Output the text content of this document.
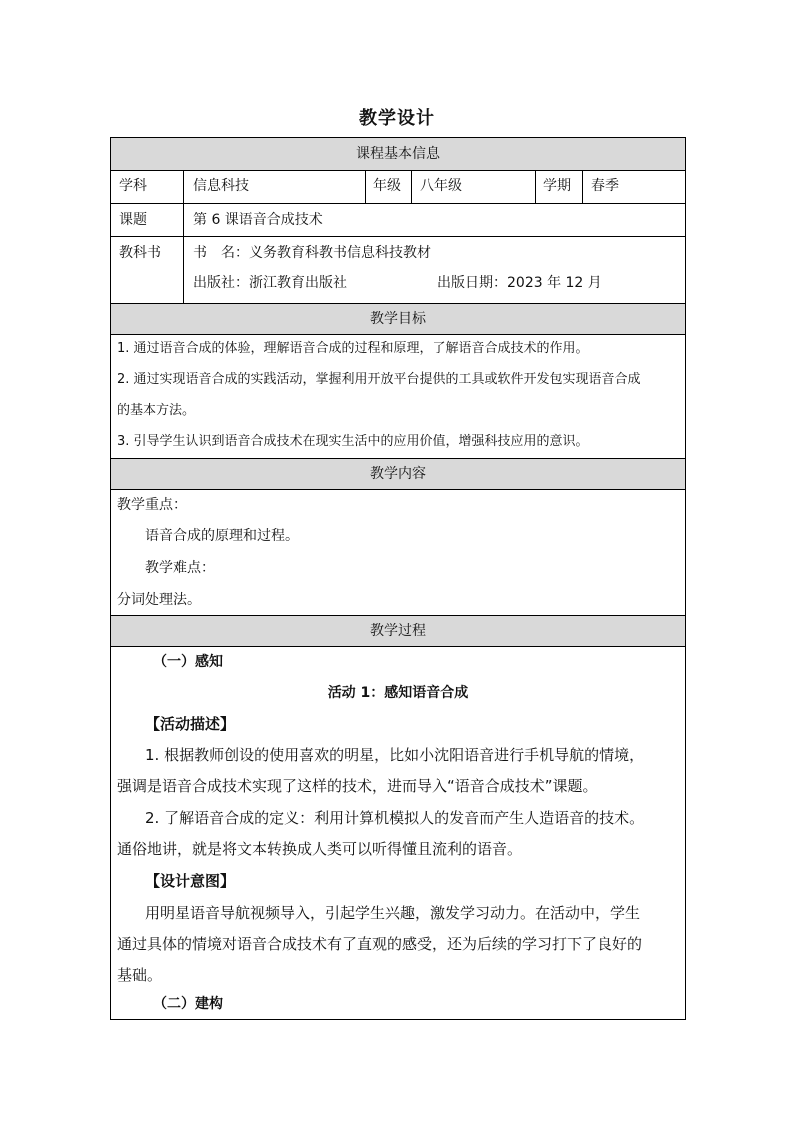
教学设计
课程基本信息
学科	信息科技	年级 八年级	学期 春季
课题	第 6 课语音合成技术
教科书 书　名：义务教育科教书信息科技教材
出版社：浙江教育出版社	出版日期：2023 年 12 月
教学目标
1. 通过语音合成的体验，理解语音合成的过程和原理，了解语音合成技术的作用。
2. 通过实现语音合成的实践活动，掌握利用开放平台提供的工具或软件开发包实现语音合成
的基本方法。
3. 引导学生认识到语音合成技术在现实生活中的应用价值，增强科技应用的意识。
教学内容
教学重点：
语音合成的原理和过程。
教学难点：
分词处理法。
教学过程
（一）感知
活动 1：感知语音合成
【活动描述】
1. 根据教师创设的使用喜欢的明星，比如小沈阳语音进行手机导航的情境，
强调是语音合成技术实现了这样的技术，进而导入“语音合成技术”课题。
2. 了解语音合成的定义：利用计算机模拟人的发音而产生人造语音的技术。
通俗地讲，就是将文本转换成人类可以听得懂且流利的语音。
【设计意图】
用明星语音导航视频导入，引起学生兴趣，激发学习动力。在活动中，学生
通过具体的情境对语音合成技术有了直观的感受，还为后续的学习打下了良好的
基础。
（二）建构
